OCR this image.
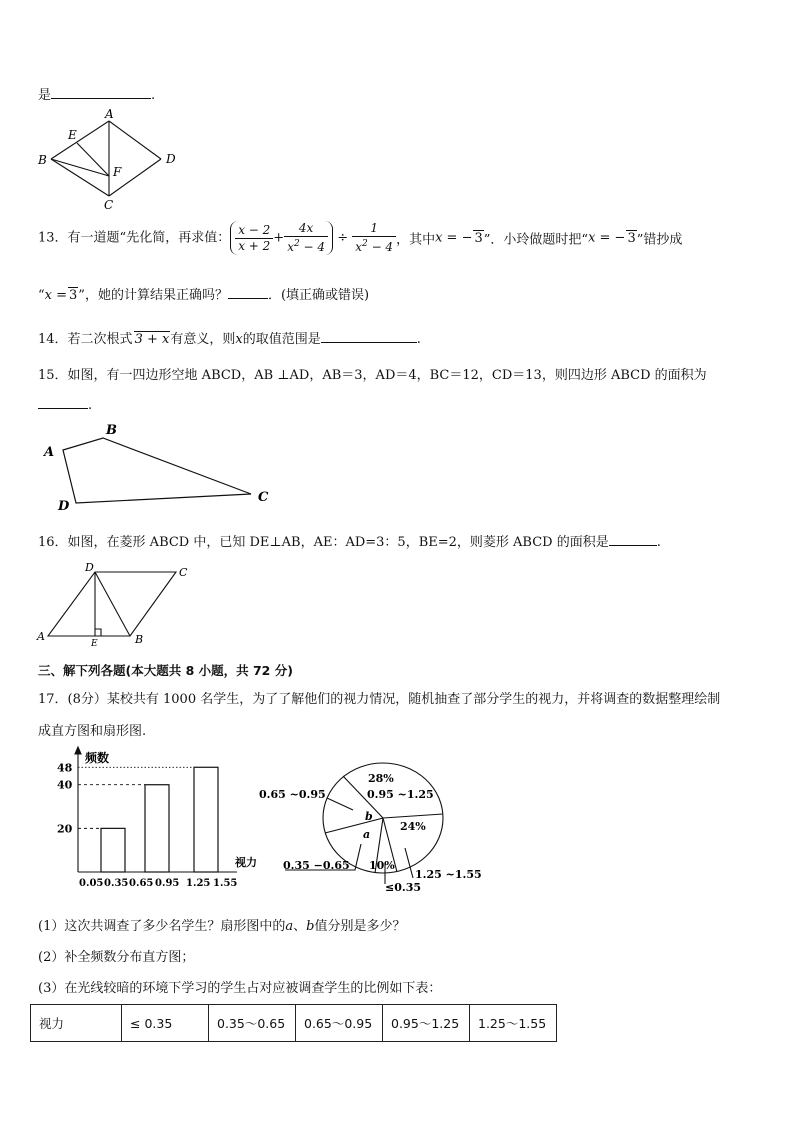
是	.
A
B
C
D
E
F
13．有一道题“先化简，再求值： $\frac{x - 2}{x + 2} + \frac{4x}{x^2 - 4} \div \frac{1}{x^2 - 4}$ ，其中x = − 3”．小玲做题时把“x = − 3”错抄成
“x = 3”，她的计算结果正确吗？	．(填正确或错误)
14．若二次根式 3 + x有意义，则x的取值范围是	.
15．如图，有一四边形空地 ABCD，AB ⊥AD，AB＝3，AD＝4，BC＝12，CD＝13，则四边形 ABCD 的面积为
.
A
B
C
D
16．如图，在菱形 ABCD 中，已知 DE⊥AB，AE：AD=3：5，BE=2，则菱形 ABCD 的面积是	.
A	B
C
D
E
三、解下列各题(本大题共 8 小题，共 72 分)
17．(8分）某校共有 1000 名学生，为了了解他们的视力情况，随机抽查了部分学生的视力，并将调查的数据整理绘制
成直方图和扇形图.
20
40
48
频数
视力
0.05 0.35 0.65 0.95 1.25 1.55
28%
0.95 ~1.25
0.65 ~0.95
24%
b
a
0.35 −0.65 10%
≤0.35
1.25 ~1.55
(1）这次共调查了多少名学生？扇形图中的a、b值分别是多少？
(2）补全频数分布直方图；
(3）在光线较暗的环境下学习的学生占对应被调查学生的比例如下表：
视力	≤ 0.35	0.35～0.65	0.65～0.95	0.95～1.25	1.25～1.55
